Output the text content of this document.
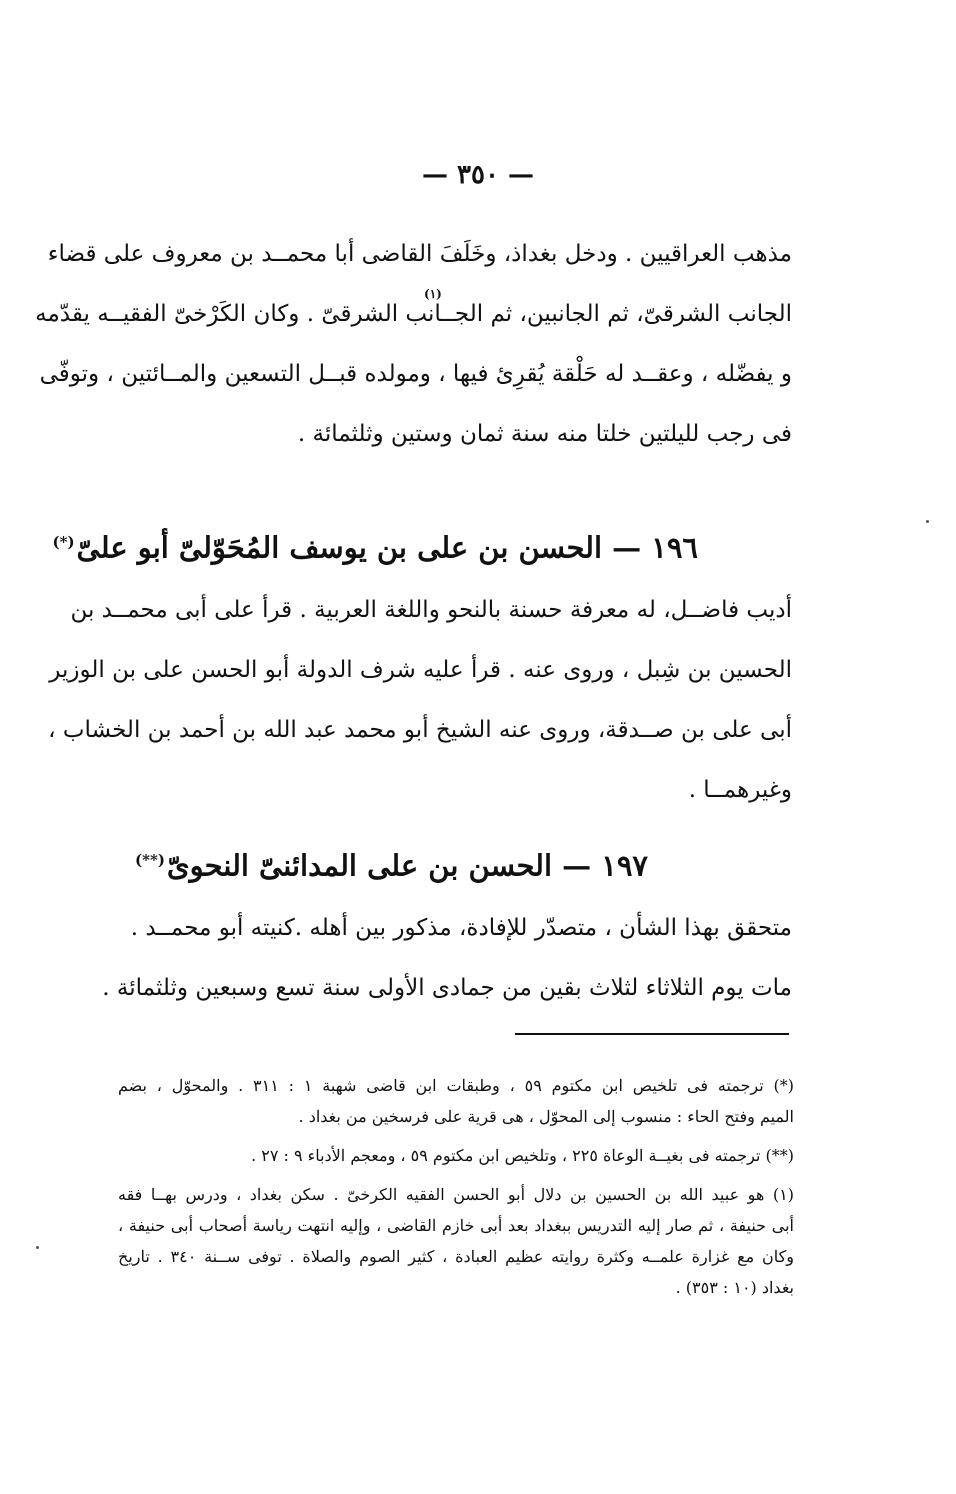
— ٣٥٠ —
مذهب العراقيين . ودخل بغداذ، وخَلَفَ القاضى أبا محمــد بن معروف على قضاء
الجانب الشرقىّ، ثم الجانبين، ثم الجــانب الشرقىّ . وكان الكَرْخىّ الفقيــه يقدّمه
و يفضّله ، وعقــد له حَلْقة يُقرِئ فيها ، ومولده قبــل التسعين والمــائتين ، وتوفّى
فى رجب لليلتين خلتا منه سنة ثمان وستين وثلثمائة .
(١)
١٩٦ — الحسن بن على بن يوسف المُحَوّلىّ أبو علىّ(*)
أديب فاضــل، له معرفة حسنة بالنحو واللغة العربية . قرأ على أبى محمــد بن
الحسين بن شِبل ، وروى عنه . قرأ عليه شرف الدولة أبو الحسن على بن الوزير
أبى على بن صــدقة، وروى عنه الشيخ أبو محمد عبد الله بن أحمد بن الخشاب ،
وغيرهمــا .
١٩٧ — الحسن بن على المدائنىّ النحوىّ(**)
متحقق بهذا الشأن ، متصدّر للإفادة، مذكور بين أهله .كنيته أبو محمــد .
مات يوم الثلاثاء لثلاث بقين من جمادى الأولى سنة تسع وسبعين وثلثمائة .
(*) ترجمته فى تلخيص ابن مكتوم ٥٩ ، وطبقات ابن قاضى شهبة ١ : ٣١١ . والمحوّل ، بضم
الميم وفتح الحاء : منسوب إلى المحوّل ، هى قرية على فرسخين من بغداد .
(**) ترجمته فى بغيــة الوعاة ٢٢٥ ، وتلخيص ابن مكتوم ٥٩ ، ومعجم الأدباء ٩ : ٢٧ .
(١) هو عبيد الله بن الحسين بن دلال أبو الحسن الفقيه الكرخىّ . سكن بغداد ، ودرس بهــا فقه
أبى حنيفة ، ثم صار إليه التدريس ببغداد بعد أبى خازم القاضى ، وإليه انتهت رياسة أصحاب أبى حنيفة ،
وكان مع غزارة علمــه وكثرة روايته عظيم العبادة ، كثير الصوم والصلاة . توفى ســنة ٣٤٠ . تاريخ
بغداد (١٠ : ٣٥٣) .
